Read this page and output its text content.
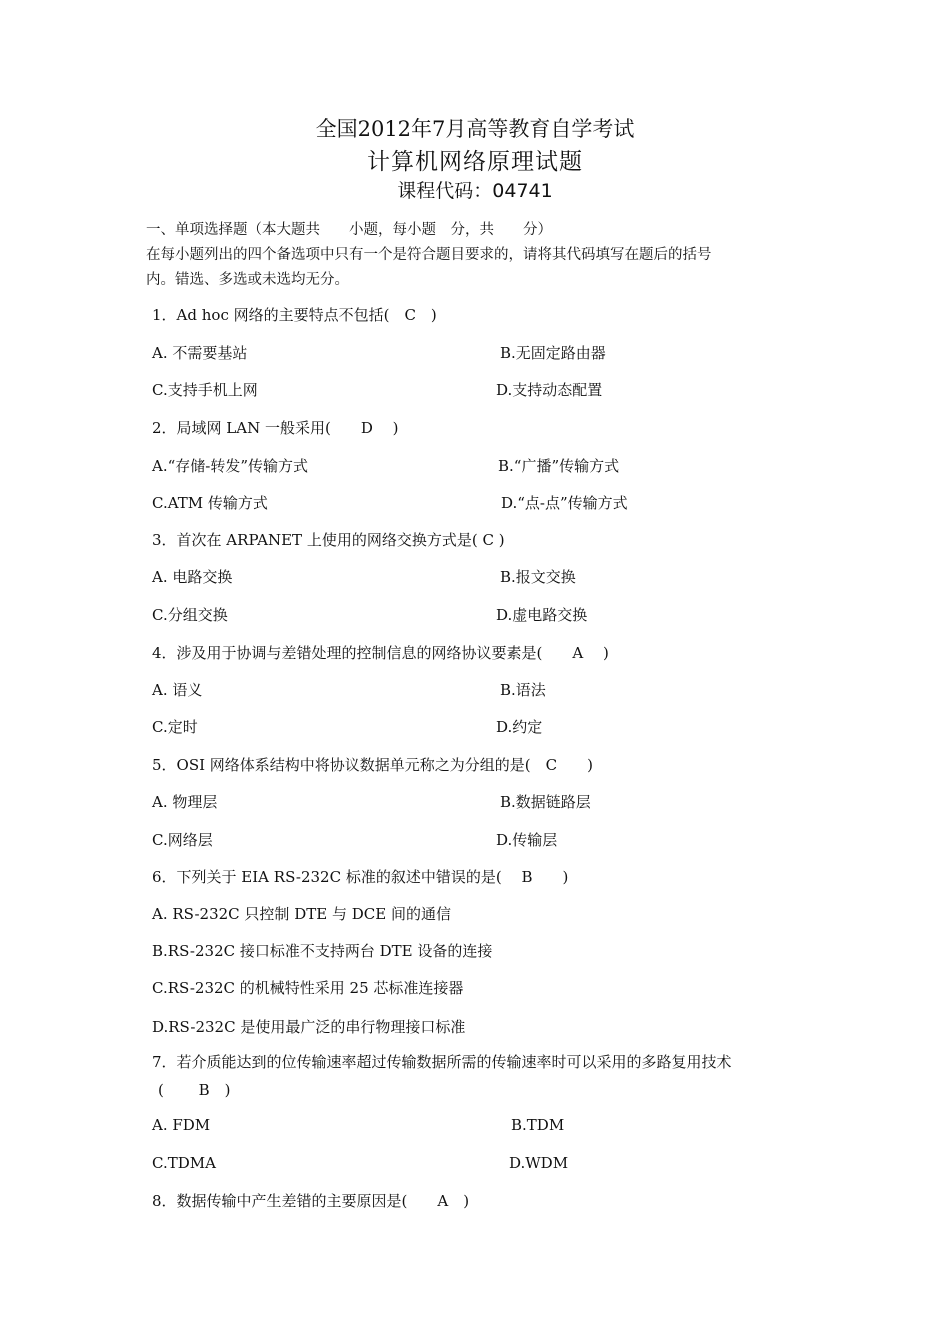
全国2012年7月高等教育自学考试
计算机网络原理试题
课程代码：04741
一、单项选择题（本大题共　　小题，每小题　分，共　　分）
在每小题列出的四个备选项中只有一个是符合题目要求的，请将其代码填写在题后的括号
内。错选、多选或未选均无分。
1．Ad hoc 网络的主要特点不包括(　C　)
A. 不需要基站	B.无固定路由器
C.支持手机上网	D.支持动态配置
2．局域网 LAN 一般采用(　　D　 )
A.“存储-转发”传输方式	B.“广播”传输方式
C.ATM 传输方式	D.“点-点”传输方式
3．首次在 ARPANET 上使用的网络交换方式是( C )
A. 电路交换	B.报文交换
C.分组交换	D.虚电路交换
4．涉及用于协调与差错处理的控制信息的网络协议要素是(　　A　 )
A. 语义	B.语法
C.定时	D.约定
5．OSI 网络体系结构中将协议数据单元称之为分组的是(　C　　)
A. 物理层	B.数据链路层
C.网络层	D.传输层
6．下列关于 EIA RS-232C 标准的叙述中错误的是(　 B　　)
A. RS-232C 只控制 DTE 与 DCE 间的通信
B.RS-232C 接口标准不支持两台 DTE 设备的连接
C.RS-232C 的机械特性采用 25 芯标准连接器
D.RS-232C 是使用最广泛的串行物理接口标准
7．若介质能达到的位传输速率超过传输数据所需的传输速率时可以采用的多路复用技术
(　　 B　)
A. FDM	B.TDM
C.TDMA	D.WDM
8．数据传输中产生差错的主要原因是(　　A　)
